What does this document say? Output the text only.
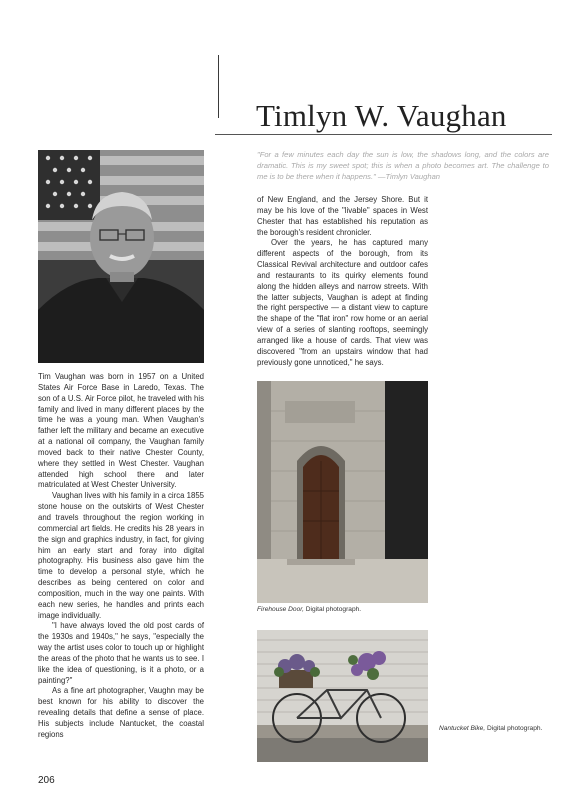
Timlyn W. Vaughan
"For a few minutes each day the sun is low, the shadows long, and the colors are dramatic. This is my sweet spot; this is when a photo becomes art. The challenge to me is to be there when it happens." —Timlyn Vaughan

Tim Vaughan was born in 1957 on a United States Air Force Base in Laredo, Texas. The son of a U.S. Air Force pilot, he traveled with his family and lived in many different places by the time he was a young man. When Vaughan's father left the military and became an executive at a national oil company, the Vaughan family moved back to their native Chester County, where they settled in West Chester. Vaughan attended high school there and later matriculated at West Chester University.

Vaughan lives with his family in a circa 1855 stone house on the outskirts of West Chester and travels throughout the region working in commercial art fields. He credits his 28 years in the sign and graphics industry, in fact, for giving him an early start and foray into digital photography. His business also gave him the time to develop a personal style, which he describes as being centered on color and composition, much in the way one paints. With each new series, he handles and prints each image individually.

"I have always loved the old post cards of the 1930s and 1940s," he says, "especially the way the artist uses color to touch up or highlight the areas of the photo that he wants us to see. I like the idea of questioning, is it a photo, or a painting?"

As a fine art photographer, Vaughn may be best known for his ability to discover the revealing details that define a sense of place. His subjects include Nantucket, the coastal regions

of New England, and the Jersey Shore. But it may be his love of the "livable" spaces in West Chester that has established his reputation as the borough's resident chronicler.

Over the years, he has captured many different aspects of the borough, from its Classical Revival architecture and outdoor cafes and restaurants to its quirky elements found along the hidden alleys and narrow streets. With the latter subjects, Vaughan is adept at finding the right perspective — a distant view to capture the shape of the "flat iron" row home or an aerial view of a series of slanting rooftops, seemingly arranged like a house of cards. That view was discovered "from an upstairs window that had previously gone unnoticed," he says.

Firehouse Door, Digital photograph.
Nantucket Bike, Digital photograph.
206
